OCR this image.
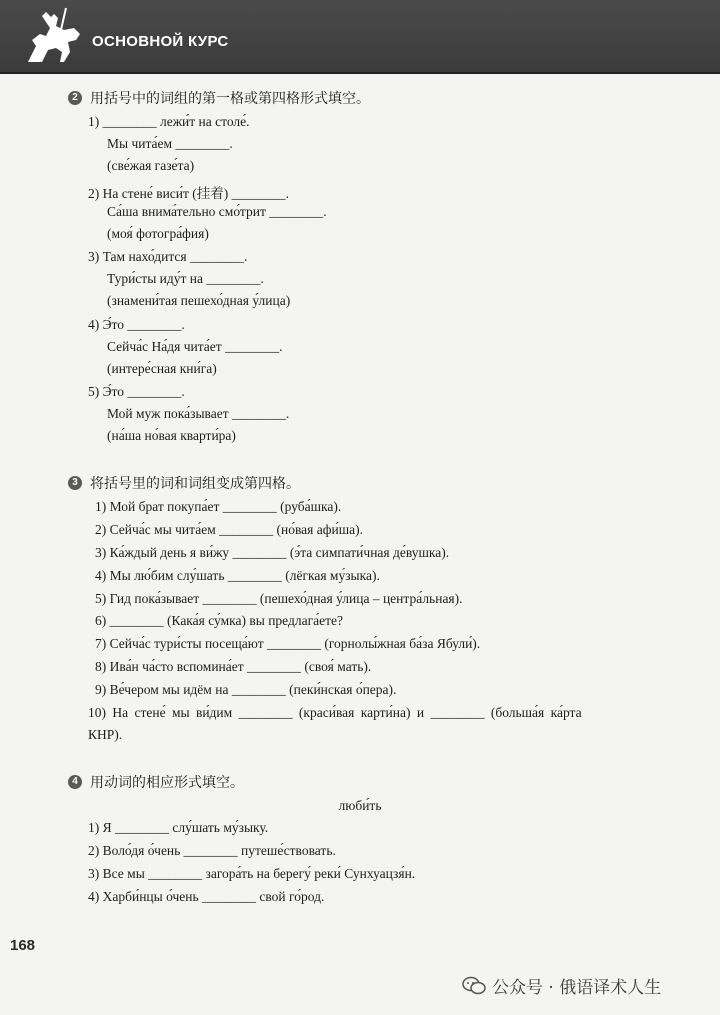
ОСНОВНОЙ КУРС
2 用括号中的词组的第一格或第四格形式填空。
1) ________ лежи́т на столе́.
Мы чита́ем ________.
(све́жая газе́та)
2) На стене́ виси́т (挂着) ________.
Са́ша внима́тельно смо́трит ________.
(моя́ фотогра́фия)
3) Там нахо́дится ________.
Тури́сты иду́т на ________.
(знамени́тая пешехо́дная у́лица)
4) Э́то ________.
Сейча́с На́дя чита́ет ________.
(интере́сная кни́га)
5) Э́то ________.
Мой муж пока́зывает ________.
(на́ша но́вая кварти́ра)
3 将括号里的词和词组变成第四格。
1) Мой брат покупа́ет ________ (руба́шка).
2) Сейча́с мы чита́ем ________ (но́вая афи́ша).
3) Ка́ждый день я ви́жу ________ (э́та симпати́чная де́вушка).
4) Мы лю́бим слу́шать ________ (лёгкая му́зыка).
5) Гид пока́зывает ________ (пешехо́дная у́лица – центра́льная).
6) ________ (Кака́я су́мка) вы предлага́ете?
7) Сейча́с тури́сты посеща́ют ________ (горнолы́жная ба́за Ябули́).
8) Ива́н ча́сто вспомина́ет ________ (своя́ мать).
9) Ве́чером мы идём на ________ (пеки́нская о́пера).
10) На стене́ мы ви́дим ________ (краси́вая карти́на) и ________ (больша́я ка́рта
КНР).
4 用动词的相应形式填空。
люби́ть
1) Я ________ слу́шать му́зыку.
2) Воло́дя о́чень ________ путеше́ствовать.
3) Все мы ________ загора́ть на берегу́ реки́ Сунхуацзя́н.
4) Харби́нцы о́чень ________ свой го́род.
168
公众号 · 俄语译术人生
